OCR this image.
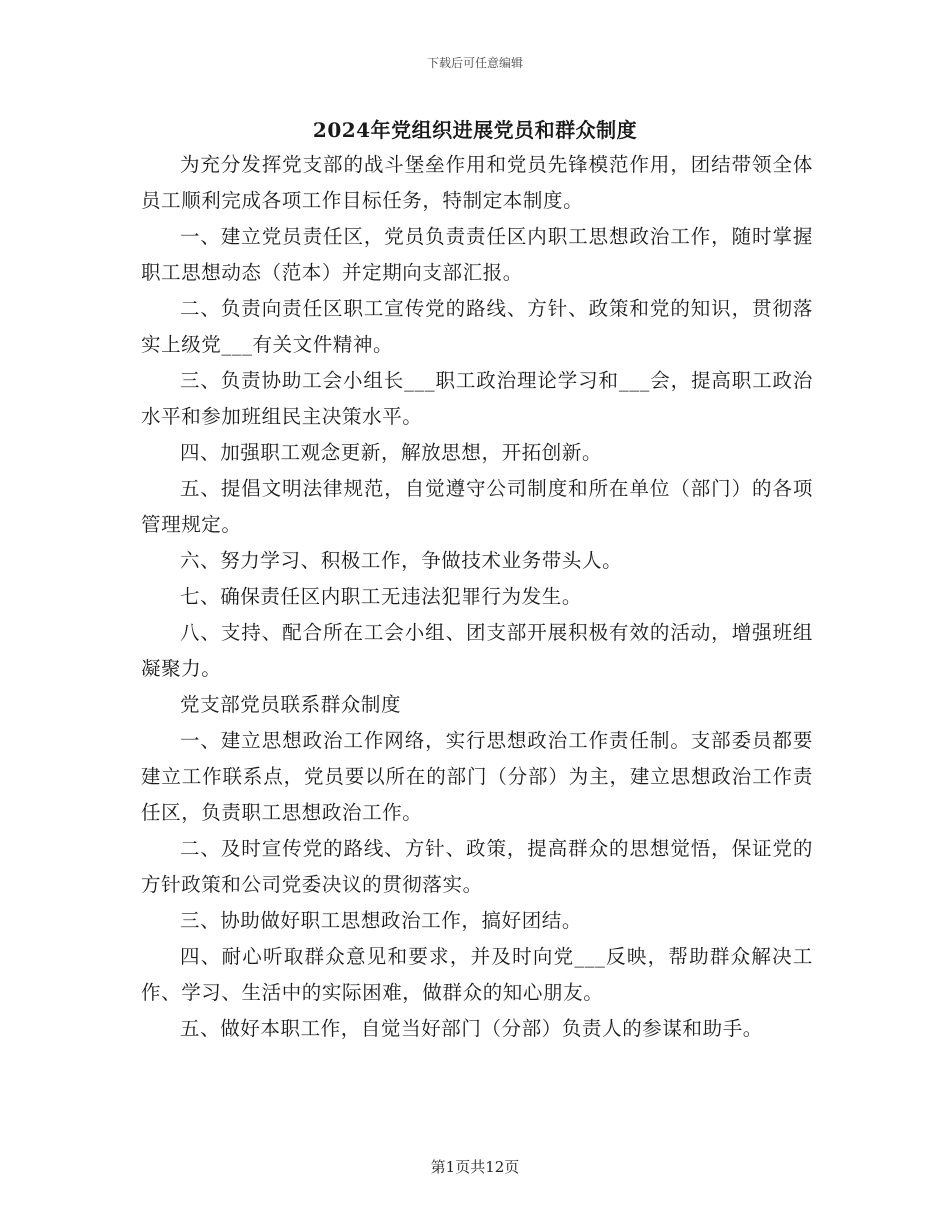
下载后可任意编辑
2024年党组织进展党员和群众制度

为充分发挥党支部的战斗堡垒作用和党员先锋模范作用，团结带领全体员工顺利完成各项工作目标任务，特制定本制度。

一、建立党员责任区，党员负责责任区内职工思想政治工作，随时掌握职工思想动态（范本）并定期向支部汇报。

二、负责向责任区职工宣传党的路线、方针、政策和党的知识，贯彻落实上级党___有关文件精神。

三、负责协助工会小组长___职工政治理论学习和___会，提高职工政治水平和参加班组民主决策水平。

四、加强职工观念更新，解放思想，开拓创新。

五、提倡文明法律规范，自觉遵守公司制度和所在单位（部门）的各项管理规定。

六、努力学习、积极工作，争做技术业务带头人。

七、确保责任区内职工无违法犯罪行为发生。

八、支持、配合所在工会小组、团支部开展积极有效的活动，增强班组凝聚力。

党支部党员联系群众制度

一、建立思想政治工作网络，实行思想政治工作责任制。支部委员都要建立工作联系点，党员要以所在的部门（分部）为主，建立思想政治工作责任区，负责职工思想政治工作。

二、及时宣传党的路线、方针、政策，提高群众的思想觉悟，保证党的方针政策和公司党委决议的贯彻落实。

三、协助做好职工思想政治工作，搞好团结。

四、耐心听取群众意见和要求，并及时向党___反映，帮助群众解决工作、学习、生活中的实际困难，做群众的知心朋友。

五、做好本职工作，自觉当好部门（分部）负责人的参谋和助手。

第1页共12页
